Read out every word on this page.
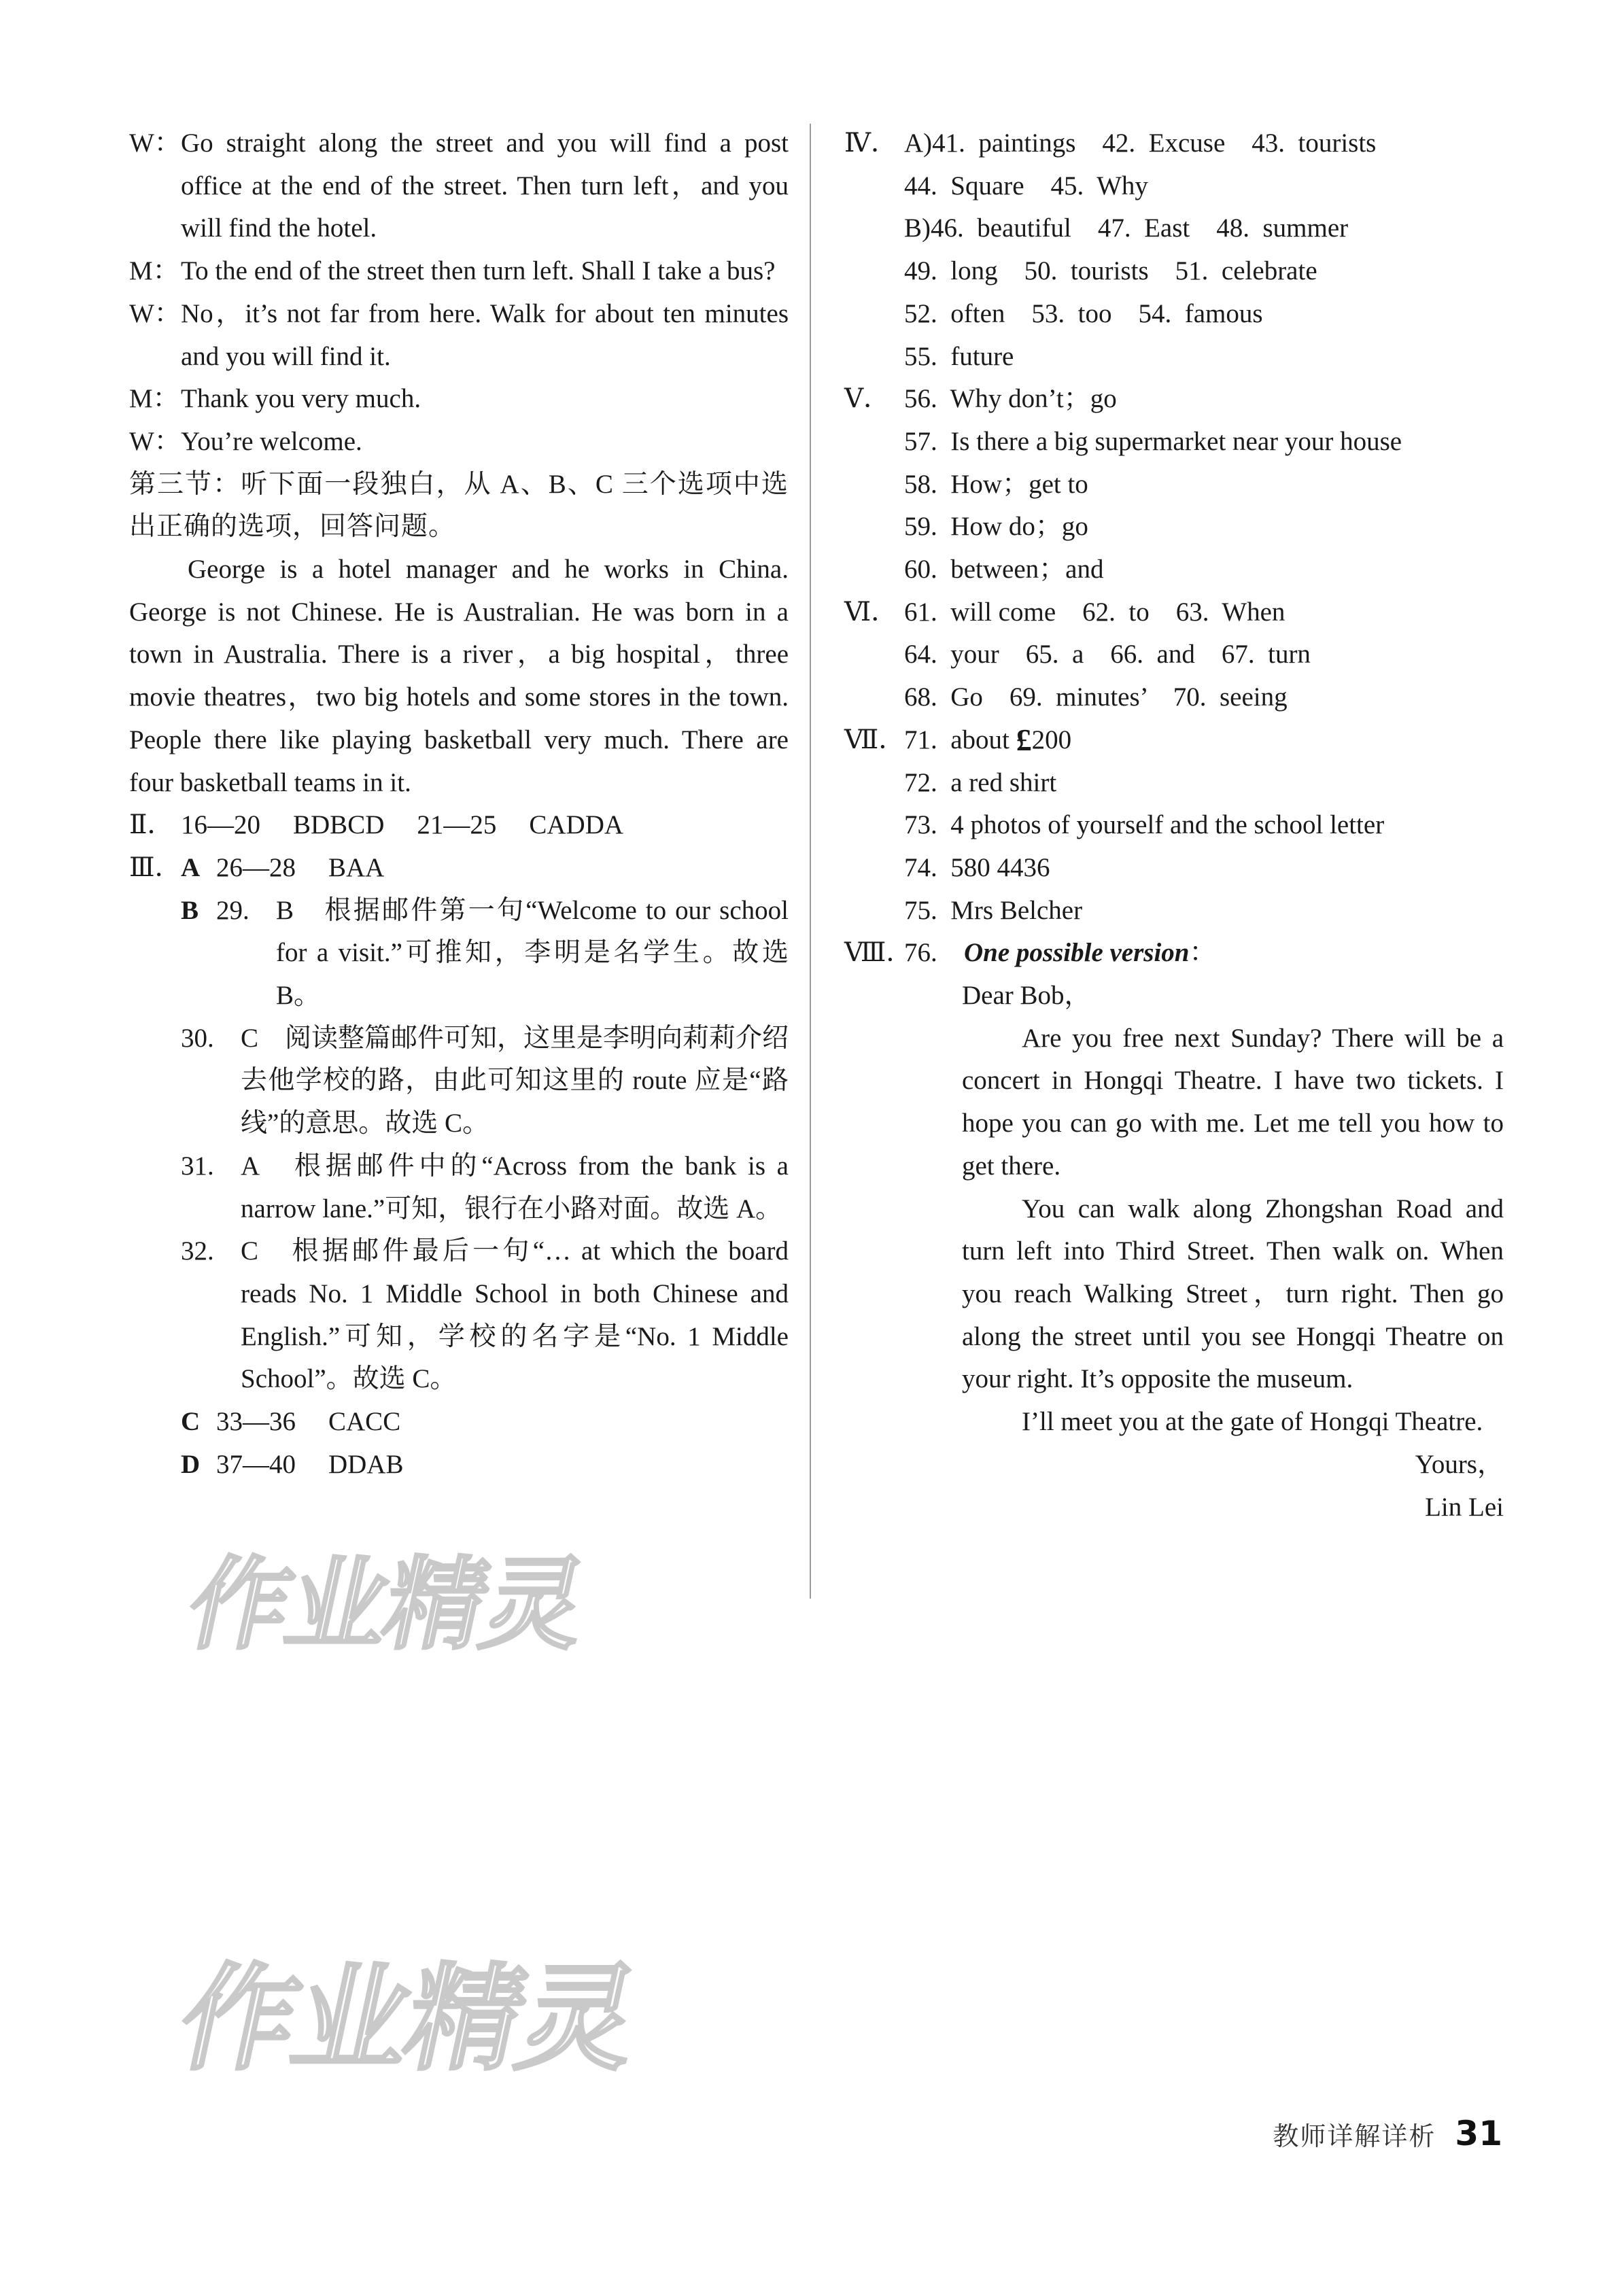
W：Go straight along the street and you will find a post office at the end of the street. Then turn left，and you will find the hotel.
M：To the end of the street then turn left. Shall I take a bus?
W：No，it’s not far from here. Walk for about ten minutes and you will find it.
M：Thank you very much.
W：You’re welcome.
第三节：听下面一段独白，从 A、B、C 三个选项中选出正确的选项，回答问题。
George is a hotel manager and he works in China. George is not Chinese. He is Australian. He was born in a town in Australia. There is a river，a big hospital，three movie theatres，two big hotels and some stores in the town. People there like playing basketball very much. There are four basketball teams in it.
Ⅱ． 16—20 BDBCD 21—25 CADDA
Ⅲ． A 26—28 BAA
B 29.	B　根据邮件第一句“Welcome to our school for a visit.”可推知，李明是名学生。故选 B。
30.	C　阅读整篇邮件可知，这里是李明向莉莉介绍去他学校的路，由此可知这里的 route 应是“路线”的意思。故选 C。
31.	A　根据邮件中的“Across from the bank is a narrow lane.”可知，银行在小路对面。故选 A。
32.	C　根据邮件最后一句“… at which the board reads No. 1 Middle School in both Chinese and English.”可知，学校的名字是“No. 1 Middle School”。故选 C。
C 33—36 CACC
D 37—40 DDAB
Ⅳ． A)41.  paintings    42.  Excuse    43.  tourists
44.  Square    45.  Why
B)46.  beautiful    47.  East    48.  summer
49.  long    50.  tourists    51.  celebrate
52.  often    53.  too    54.  famous
55.  future
Ⅴ． 56.  Why don’t；go
57.  Is there a big supermarket near your house
58.  How；get to
59.  How do；go
60.  between；and
Ⅵ． 61.  will come    62.  to    63.  When
64.  your    65.  a    66.  and    67.  turn
68.  Go    69.  minutes’    70.  seeing
Ⅶ．
71.  about £ 200
72.  a red shirt
73.  4 photos of yourself and the school letter
74.  580 4436
75.  Mrs Belcher
Ⅷ．
76.	One possible version ：
Dear Bob，
Are you free next Sunday? There will be a concert in Hongqi Theatre. I have two tickets. I hope you can go with me. Let me tell you how to get there.
You can walk along Zhongshan Road and turn left into Third Street. Then walk on. When you reach Walking Street，turn right. Then go along the street until you see Hongqi Theatre on your right. It’s opposite the museum.
I’ll meet you at the gate of Hongqi Theatre.
Yours，
Lin Lei
作业精灵
作业精灵
教师详解详析 31
